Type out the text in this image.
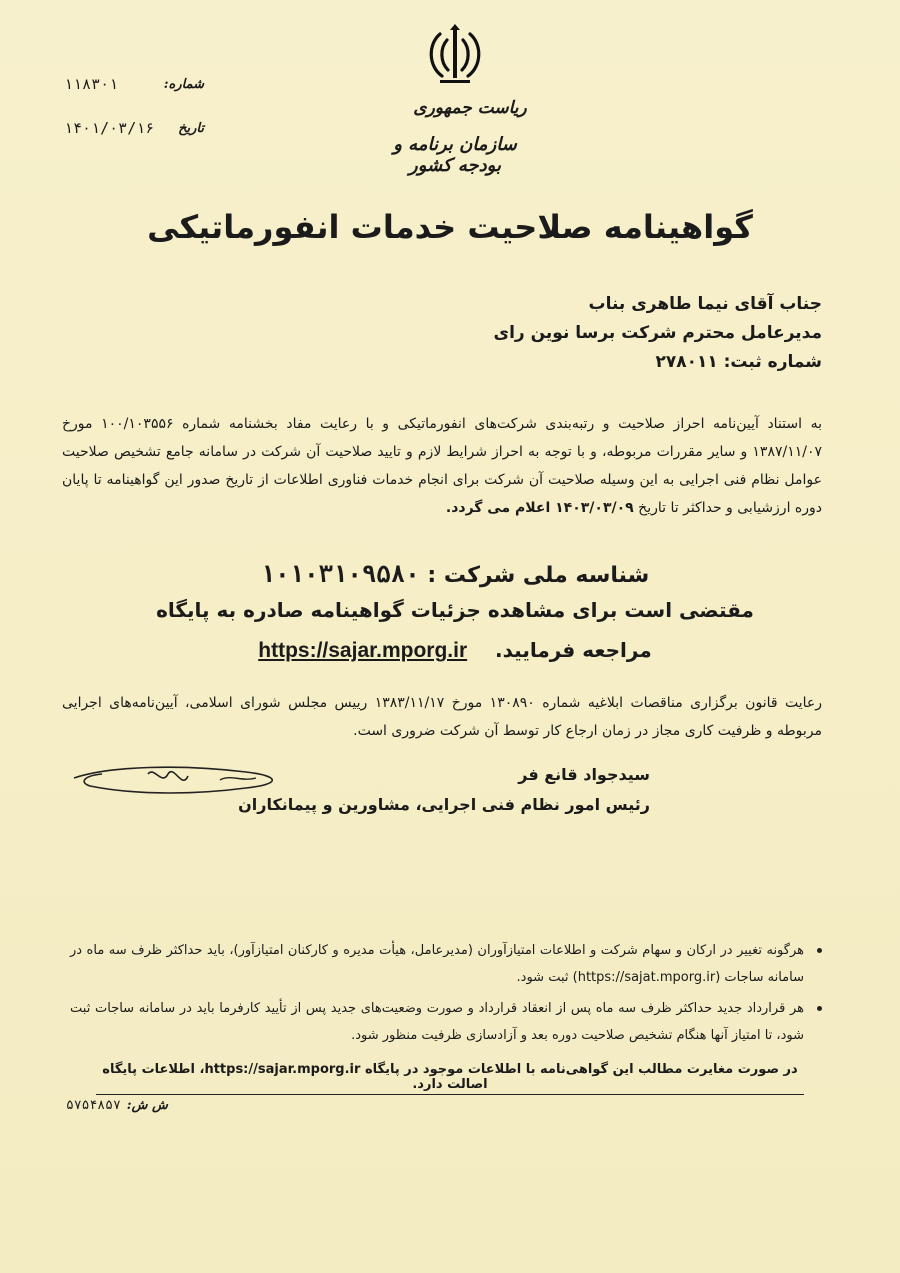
ریاست جمهوری
سازمان برنامه و بودجه کشور
شماره:
۱۱۸۳۰۱
تاریخ
۱۴۰۱/۰۳/۱۶
گواهینامه صلاحیت خدمات انفورماتیکی
جناب آقای نیما طاهری بناب
مدیرعامل محترم شرکت برسا نوین رای
شماره ثبت: ۲۷۸۰۱۱
به استناد آیین‌نامه احراز صلاحیت و رتبه‌بندی شرکت‌های انفورماتیکی و با رعایت مفاد بخشنامه شماره ۱۰۰/۱۰۳۵۵۶ مورخ ۱۳۸۷/۱۱/۰۷ و سایر مقررات مربوطه، و با توجه به احراز شرایط لازم و تایید صلاحیت آن شرکت در سامانه جامع تشخیص صلاحیت عوامل نظام فنی اجرایی به این وسیله صلاحیت آن شرکت برای انجام خدمات فناوری اطلاعات از تاریخ صدور این گواهینامه تا پایان دوره ارزشیابی و حداکثر تا تاریخ ۱۴۰۳/۰۳/۰۹ اعلام می گردد.
شناسه ملی شرکت : ۱۰۱۰۳۱۰۹۵۸۰
مقتضی است برای مشاهده جزئیات گواهینامه صادره به پایگاه
مراجعه فرمایید.    https://sajar.mporg.ir
رعایت قانون برگزاری مناقصات ابلاغیه شماره ۱۳۰۸۹۰ مورخ ۱۳۸۳/۱۱/۱۷ رییس مجلس شورای اسلامی، آیین‌نامه‌های اجرایی مربوطه و ظرفیت کاری مجاز در زمان ارجاع کار توسط آن شرکت ضروری است.
سیدجواد قانع فر
رئیس امور نظام فنی اجرایی، مشاورین و پیمانکاران
هرگونه تغییر در ارکان و سهام شرکت و اطلاعات امتیازآوران (مدیرعامل، هیأت مدیره و کارکنان امتیازآور)، باید حداکثر ظرف سه ماه در سامانه ساجات (https://sajat.mporg.ir) ثبت شود.
هر قرارداد جدید حداکثر ظرف سه ماه پس از انعقاد قرارداد و صورت وضعیت‌های جدید پس از تأیید کارفرما باید در سامانه ساجات ثبت شود، تا امتیاز آنها هنگام تشخیص صلاحیت دوره بعد و آزادسازی ظرفیت منظور شود.
در صورت مغایرت مطالب این گواهی‌نامه با اطلاعات موجود در پایگاه https://sajar.mporg.ir، اطلاعات پایگاه اصالت دارد.
ش ش:
۵۷۵۴۸۵۷
